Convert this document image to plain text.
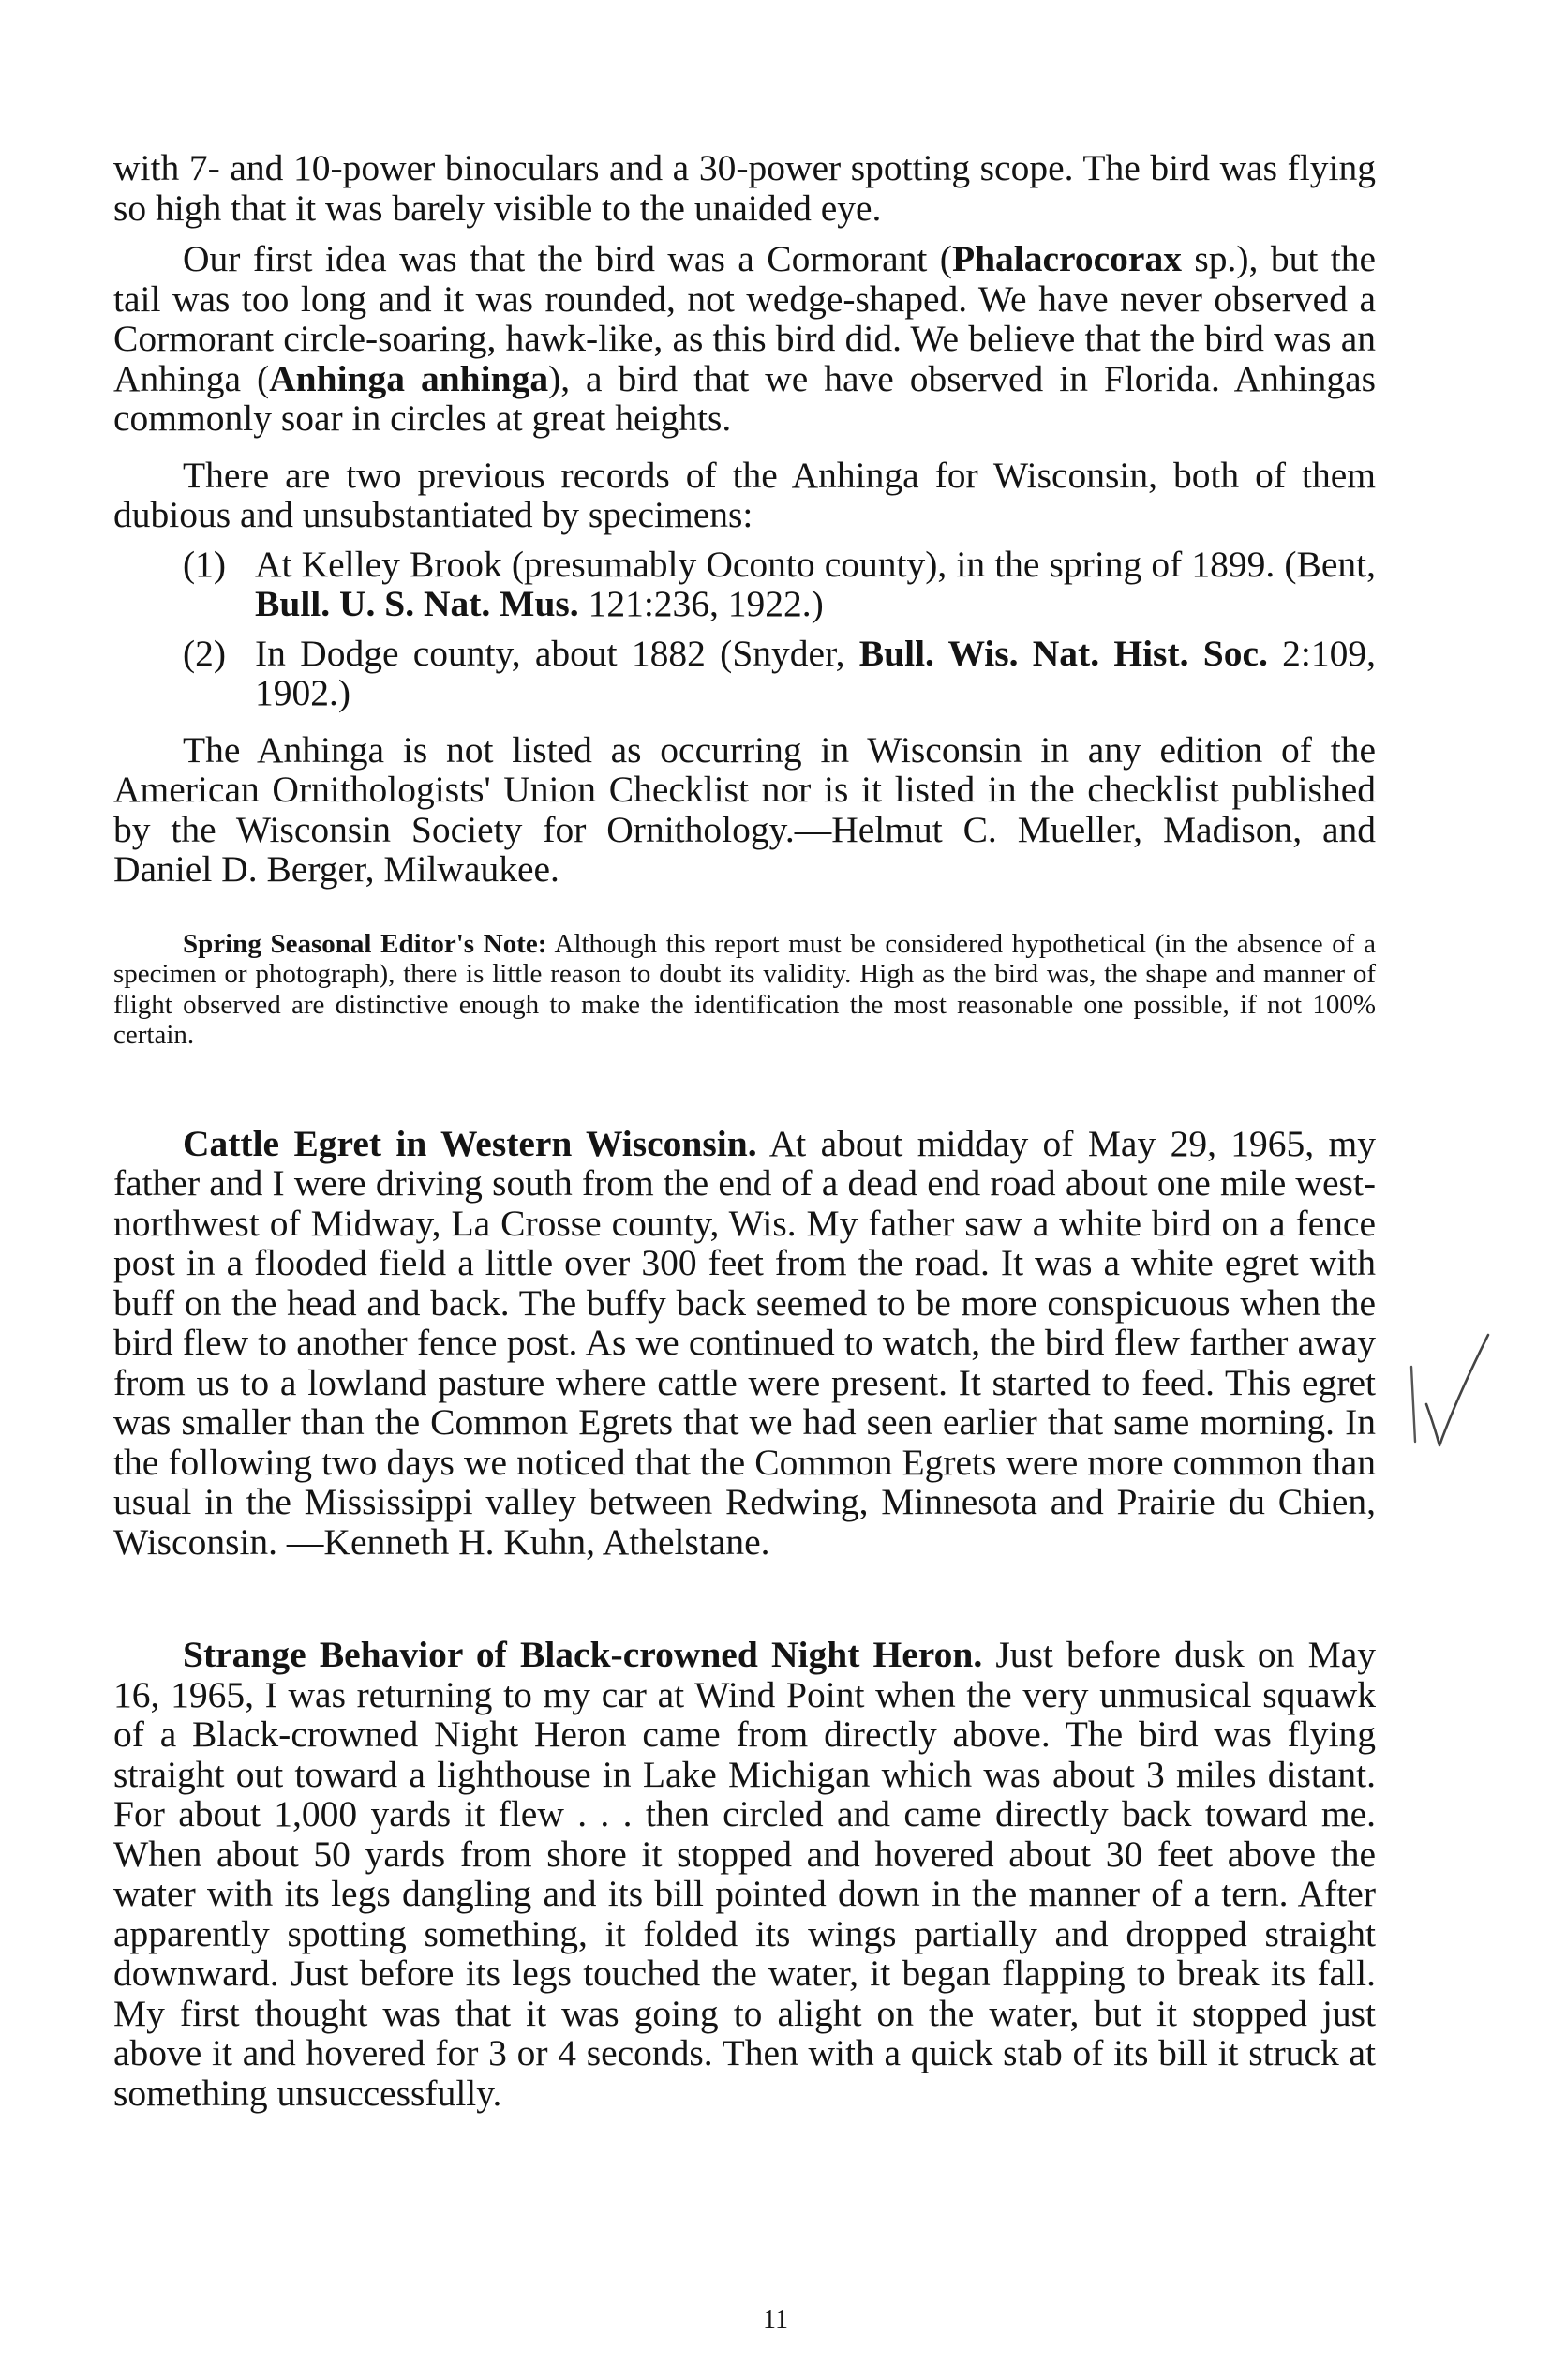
with 7- and 10-power binoculars and a 30-power spotting scope. The bird was flying so high that it was barely visible to the unaided eye.

Our first idea was that the bird was a Cormorant (Phalacrocorax sp.), but the tail was too long and it was rounded, not wedge-shaped. We have never observed a Cormorant circle-soaring, hawk-like, as this bird did. We believe that the bird was an Anhinga (Anhinga anhinga), a bird that we have observed in Florida. Anhingas commonly soar in circles at great heights.

There are two previous records of the Anhinga for Wisconsin, both of them dubious and unsubstantiated by specimens:

(1) At Kelley Brook (presumably Oconto county), in the spring of 1899. (Bent, Bull. U. S. Nat. Mus. 121:236, 1922.)
(2) In Dodge county, about 1882 (Snyder, Bull. Wis. Nat. Hist. Soc. 2:109, 1902.)

The Anhinga is not listed as occurring in Wisconsin in any edition of the American Ornithologists' Union Checklist nor is it listed in the checklist published by the Wisconsin Society for Ornithology.—Helmut C. Mueller, Madison, and Daniel D. Berger, Milwaukee.

Spring Seasonal Editor's Note: Although this report must be considered hypothetical (in the absence of a specimen or photograph), there is little reason to doubt its validity. High as the bird was, the shape and manner of flight observed are distinctive enough to make the identification the most reasonable one possible, if not 100% certain.

Cattle Egret in Western Wisconsin. At about midday of May 29, 1965, my father and I were driving south from the end of a dead end road about one mile west-northwest of Midway, La Crosse county, Wis. My father saw a white bird on a fence post in a flooded field a little over 300 feet from the road. It was a white egret with buff on the head and back. The buffy back seemed to be more conspicuous when the bird flew to another fence post. As we continued to watch, the bird flew farther away from us to a lowland pasture where cattle were present. It started to feed. This egret was smaller than the Common Egrets that we had seen earlier that same morning. In the following two days we noticed that the Common Egrets were more common than usual in the Mississippi valley between Redwing, Minnesota and Prairie du Chien, Wisconsin. —Kenneth H. Kuhn, Athelstane.

Strange Behavior of Black-crowned Night Heron. Just before dusk on May 16, 1965, I was returning to my car at Wind Point when the very unmusical squawk of a Black-crowned Night Heron came from directly above. The bird was flying straight out toward a lighthouse in Lake Michigan which was about 3 miles distant. For about 1,000 yards it flew . . . then circled and came directly back toward me. When about 50 yards from shore it stopped and hovered about 30 feet above the water with its legs dangling and its bill pointed down in the manner of a tern. After apparently spotting something, it folded its wings partially and dropped straight downward. Just before its legs touched the water, it began flapping to break its fall. My first thought was that it was going to alight on the water, but it stopped just above it and hovered for 3 or 4 seconds. Then with a quick stab of its bill it struck at something unsuccessfully.

11
